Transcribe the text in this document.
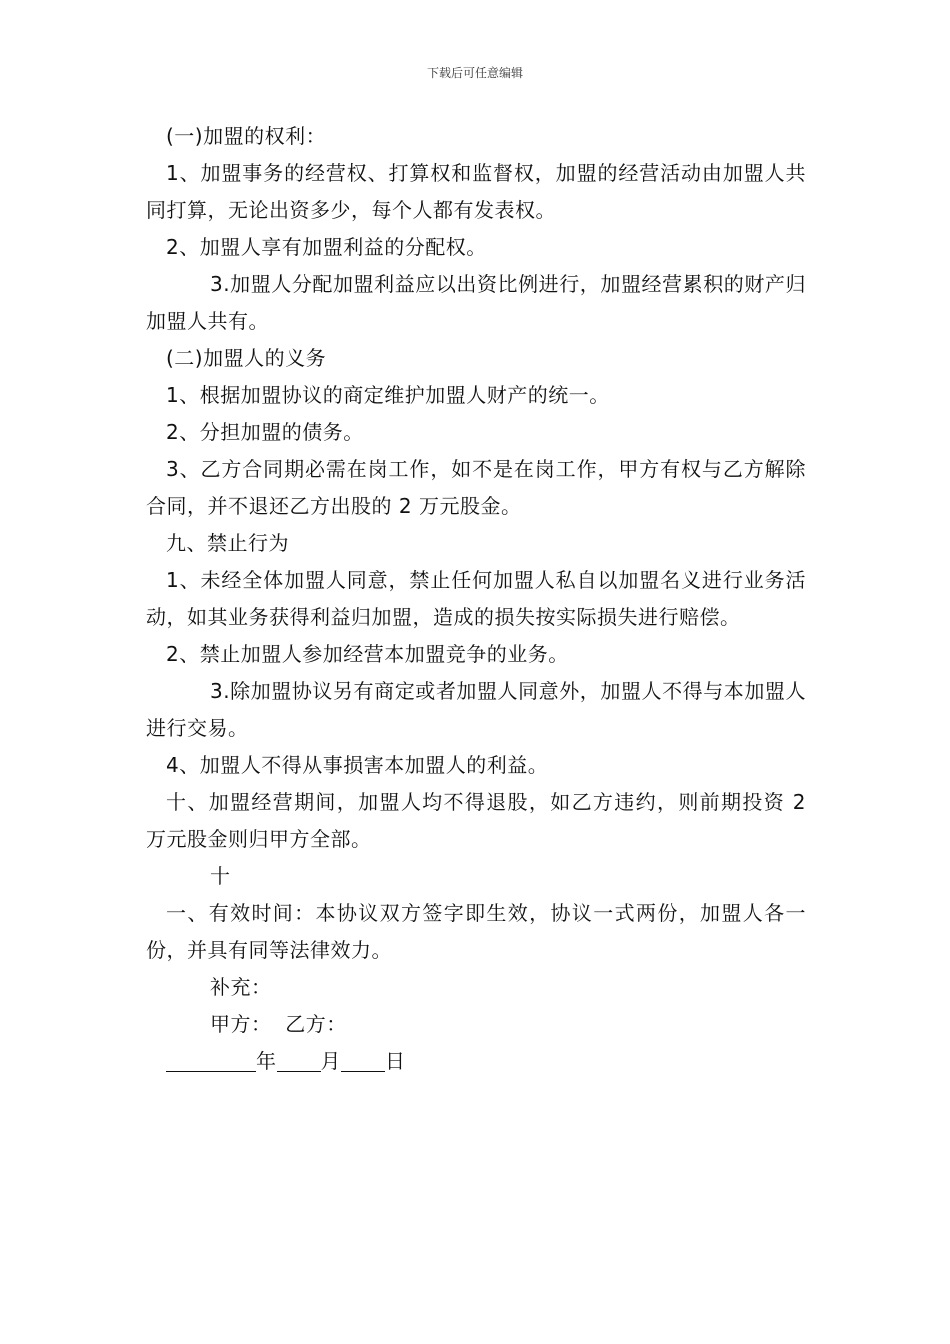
下载后可任意编辑

(一)加盟的权利：

1、加盟事务的经营权、打算权和监督权，加盟的经营活动由加盟人共同打算，无论出资多少，每个人都有发表权。

2、加盟人享有加盟利益的分配权。

3.加盟人分配加盟利益应以出资比例进行，加盟经营累积的财产归加盟人共有。

(二)加盟人的义务

1、根据加盟协议的商定维护加盟人财产的统一。

2、分担加盟的债务。

3、乙方合同期必需在岗工作，如不是在岗工作，甲方有权与乙方解除合同，并不退还乙方出股的 2 万元股金。

九、禁止行为

1、未经全体加盟人同意，禁止任何加盟人私自以加盟名义进行业务活动，如其业务获得利益归加盟，造成的损失按实际损失进行赔偿。

2、禁止加盟人参加经营本加盟竞争的业务。

3.除加盟协议另有商定或者加盟人同意外，加盟人不得与本加盟人进行交易。

4、加盟人不得从事损害本加盟人的利益。

十、加盟经营期间，加盟人均不得退股，如乙方违约，则前期投资 2 万元股金则归甲方全部。

十

一、有效时间：本协议双方签字即生效，协议一式两份，加盟人各一份，并具有同等法律效力。

补充：

甲方：  乙方：

年 月 日
